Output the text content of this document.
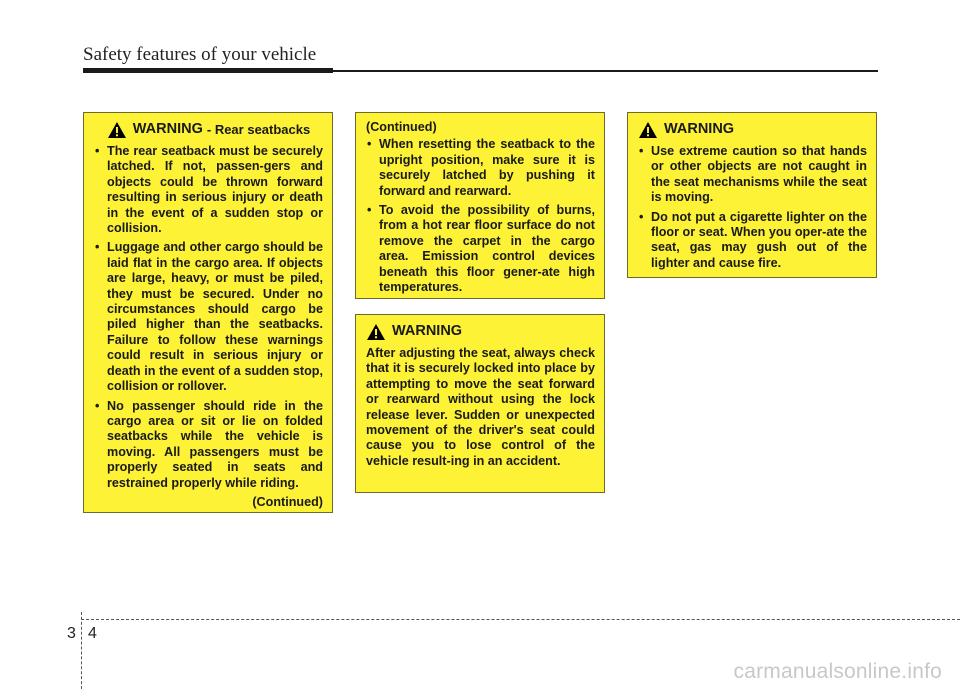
Safety features of your vehicle
WARNING - Rear seatbacks
• The rear seatback must be securely latched. If not, passen-gers and objects could be thrown forward resulting in serious injury or death in the event of a sudden stop or collision.
• Luggage and other cargo should be laid flat in the cargo area. If objects are large, heavy, or must be piled, they must be secured. Under no circumstances should cargo be piled higher than the seatbacks. Failure to follow these warnings could result in serious injury or death in the event of a sudden stop, collision or rollover.
• No passenger should ride in the cargo area or sit or lie on folded seatbacks while the vehicle is moving. All passengers must be properly seated in seats and restrained properly while riding.
(Continued)
(Continued)
• When resetting the seatback to the upright position, make sure it is securely latched by pushing it forward and rearward.
• To avoid the possibility of burns, from a hot rear floor surface do not remove the carpet in the cargo area. Emission control devices beneath this floor gener-ate high temperatures.
WARNING

After adjusting the seat, always check that it is securely locked into place by attempting to move the seat forward or rearward without using the lock release lever. Sudden or unexpected movement of the driver's seat could cause you to lose control of the vehicle result-ing in an accident.

WARNING
• Use extreme caution so that hands or other objects are not caught in the seat mechanisms while the seat is moving.
• Do not put a cigarette lighter on the floor or seat. When you oper-ate the seat, gas may gush out of the lighter and cause fire.
3 4
carmanualsonline.info
